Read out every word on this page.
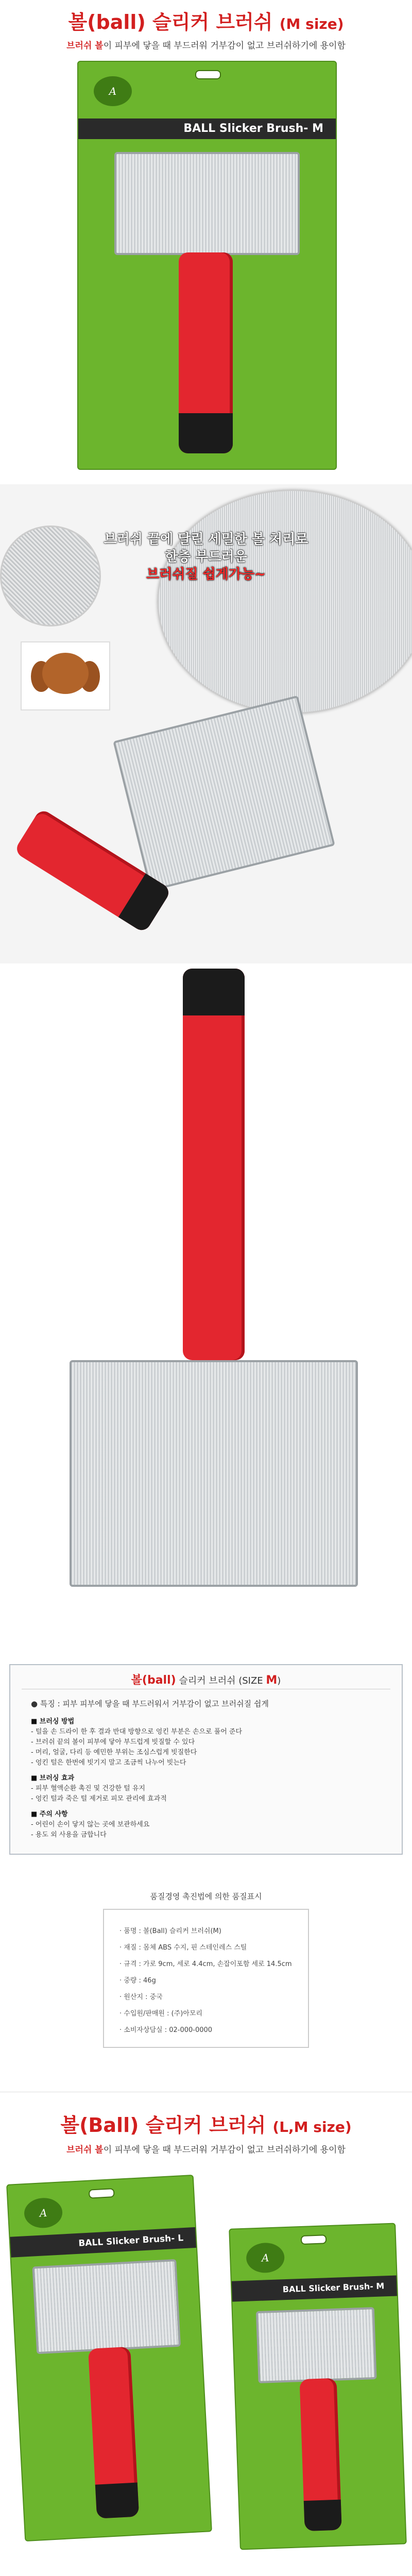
볼(ball) 슬리커 브러쉬 (M size)
브러쉬 볼이 피부에 닿을 때 부드러워 거부감이 없고 브러쉬하기에 용이함
A
BALL Slicker Brush- M
브러쉬 끝에 달린 세밀한 볼 처리로
한층 부드러운
브러쉬질 쉽게가능~
볼(ball) 슬리커 브러쉬 (SIZE M)
● 특징 : 피부 피부에 닿을 때 부드러워서 거부감이 없고 브러쉬질 쉽게
■ 브러싱 방법
- 털을 손 드라이 한 후 결과 반대 방향으로 엉킨 부분은 손으로 풀어 준다
- 브러쉬 끝의 볼이 피부에 닿아 부드럽게 빗질할 수 있다
- 머리, 얼굴, 다리 등 예민한 부위는 조심스럽게 빗질한다
- 엉킨 털은 한번에 빗기지 말고 조금씩 나누어 빗는다
■ 브러싱 효과
- 피부 혈액순환 촉진 및 건강한 털 유지
- 엉킨 털과 죽은 털 제거로 피모 관리에 효과적
■ 주의 사항
- 어린이 손이 닿지 않는 곳에 보관하세요
- 용도 외 사용을 금합니다
품질경영 촉진법에 의한 품질표시
· 품명 : 볼(Ball) 슬리커 브러쉬(M)
· 재질 : 몸체 ABS 수지, 핀 스테인레스 스틸
· 규격 : 가로 9cm, 세로 4.4cm, 손잡이포함 세로 14.5cm
· 중량 : 46g
· 원산지 : 중국
· 수입원/판매원 : (주)아모리
· 소비자상담실 : 02-000-0000
볼(Ball) 슬리커 브러쉬 (L,M size)
브러쉬 볼이 피부에 닿을 때 부드러워 거부감이 없고 브러쉬하기에 용이함
A
BALL Slicker Brush- L
A
BALL Slicker Brush- M
